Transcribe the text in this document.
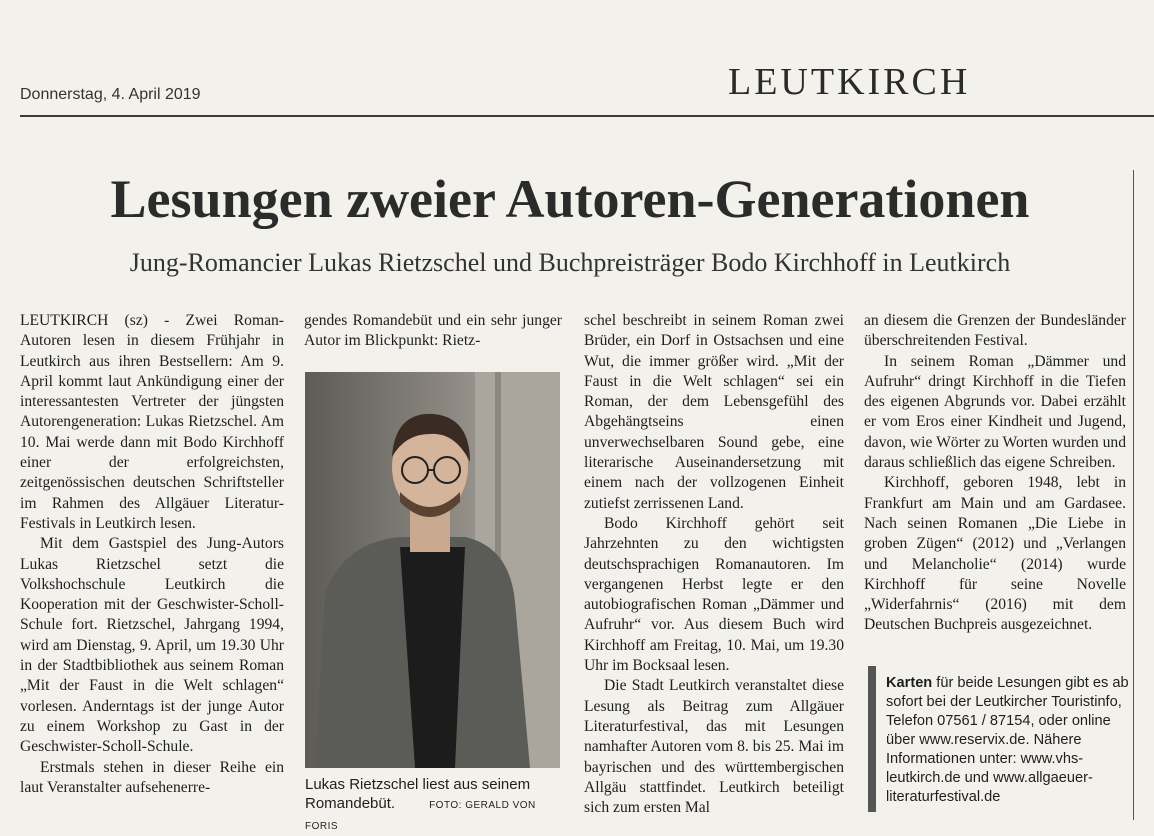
Donnerstag, 4. April 2019	LEUTKIRCH
Lesungen zweier Autoren-Generationen
Jung-Romancier Lukas Rietzschel und Buchpreisträger Bodo Kirchhoff in Leutkirch

LEUTKIRCH (sz) - Zwei Roman-Autoren lesen in diesem Frühjahr in Leutkirch aus ihren Bestsellern: Am 9. April kommt laut Ankündigung einer der interessantesten Vertreter der jüngsten Autorengeneration: Lukas Rietzschel. Am 10. Mai werde dann mit Bodo Kirchhoff einer der erfolgreichsten, zeitgenössischen deutschen Schriftsteller im Rahmen des Allgäuer Literatur-Festivals in Leutkirch lesen.

Mit dem Gastspiel des Jung-Autors Lukas Rietzschel setzt die Volkshochschule Leutkirch die Kooperation mit der Geschwister-Scholl-Schule fort. Rietzschel, Jahrgang 1994, wird am Dienstag, 9. April, um 19.30 Uhr in der Stadtbibliothek aus seinem Roman „Mit der Faust in die Welt schlagen“ vorlesen. Anderntags ist der junge Autor zu einem Workshop zu Gast in der Geschwister-Scholl-Schule.

Erstmals stehen in dieser Reihe ein laut Veranstalter aufsehenerre-

gendes Romandebüt und ein sehr junger Autor im Blickpunkt: Rietz-

Lukas Rietzschel liest aus seinem Romandebüt.	FOTO: GERALD VON FORIS

schel beschreibt in seinem Roman zwei Brüder, ein Dorf in Ostsachsen und eine Wut, die immer größer wird. „Mit der Faust in die Welt schlagen“ sei ein Roman, der dem Lebensgefühl des Abgehängtseins einen unverwechselbaren Sound gebe, eine literarische Auseinandersetzung mit einem nach der vollzogenen Einheit zutiefst zerrissenen Land.

Bodo Kirchhoff gehört seit Jahrzehnten zu den wichtigsten deutschsprachigen Romanautoren. Im vergangenen Herbst legte er den autobiografischen Roman „Dämmer und Aufruhr“ vor. Aus diesem Buch wird Kirchhoff am Freitag, 10. Mai, um 19.30 Uhr im Bocksaal lesen.

Die Stadt Leutkirch veranstaltet diese Lesung als Beitrag zum Allgäuer Literaturfestival, das mit Lesungen namhafter Autoren vom 8. bis 25. Mai im bayrischen und des württembergischen Allgäu stattfindet. Leutkirch beteiligt sich zum ersten Mal

an diesem die Grenzen der Bundesländer überschreitenden Festival.

In seinem Roman „Dämmer und Aufruhr“ dringt Kirchhoff in die Tiefen des eigenen Abgrunds vor. Dabei erzählt er vom Eros einer Kindheit und Jugend, davon, wie Wörter zu Worten wurden und daraus schließlich das eigene Schreiben.

Kirchhoff, geboren 1948, lebt in Frankfurt am Main und am Gardasee. Nach seinen Romanen „Die Liebe in groben Zügen“ (2012) und „Verlangen und Melancholie“ (2014) wurde Kirchhoff für seine Novelle „Widerfahrnis“ (2016) mit dem Deutschen Buchpreis ausgezeichnet.

Karten für beide Lesungen gibt es ab sofort bei der Leutkircher Touristinfo, Telefon 07561 / 87154, oder online über www.reservix.de. Nähere Informationen unter: www.vhs-leutkirch.de und www.allgaeuer-literaturfestival.de
